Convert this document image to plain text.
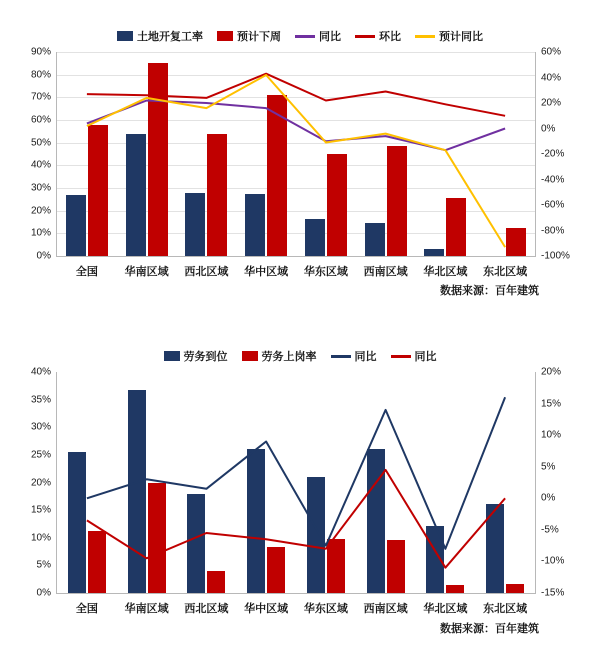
土地开复工率	预计下周	同比	环比	预计同比
0%
10%
20%
30%
40%
50%
60%
70%
80%
90%
-100%
-80%
-60%
-40%
-20%
0%
20%
40%
60%
全国 华南区域 西北区域 华中区域 华东区域 西南区域 华北区域 东北区域
数据来源：百年建筑
劳务到位	劳务上岗率	同比	同比
0%
5%
10%
15%
20%
25%
30%
35%
40%
-15%
-10%
-5%
0%
5%
10%
15%
20%
全国 华南区域 西北区域 华中区域 华东区域 西南区域 华北区域 东北区域
数据来源：百年建筑
